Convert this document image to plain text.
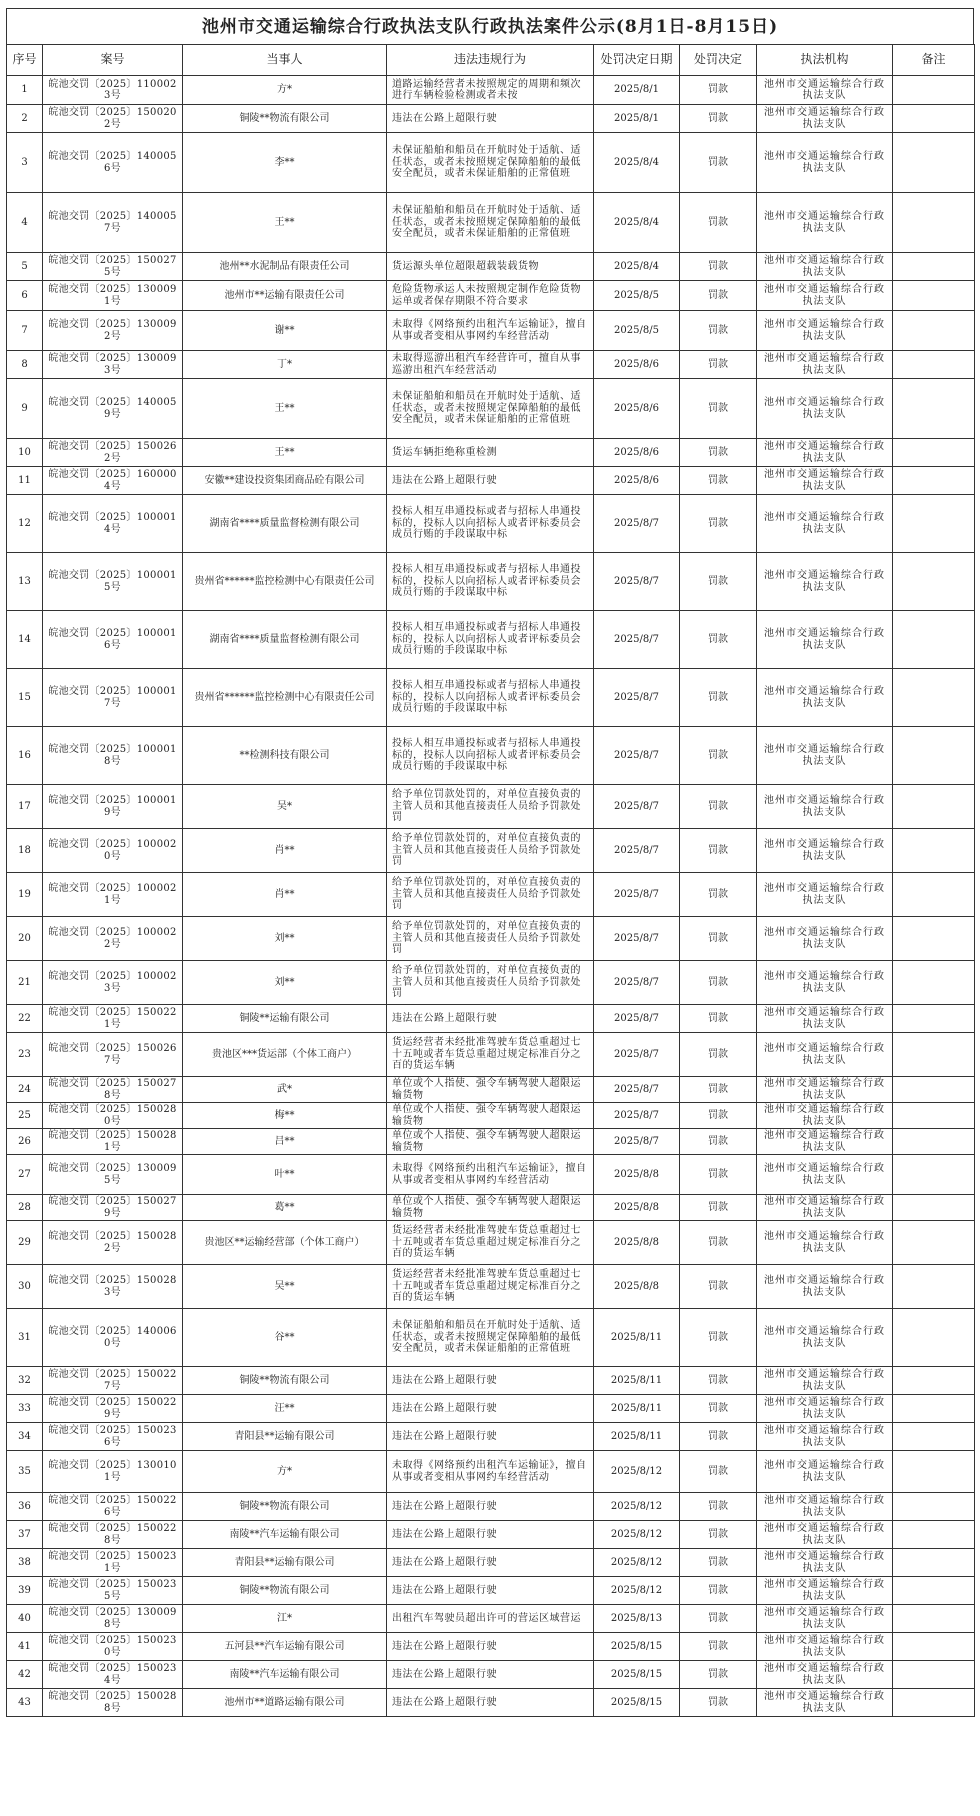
池州市交通运输综合行政执法支队行政执法案件公示(8月1日-8月15日)
序号	案号	当事人	违法违规行为	处罚决定日期	处罚决定	执法机构	备注
1	皖池交罚〔2025〕1100023号	方*	道路运输经营者未按照规定的周期和频次进行车辆检验检测或者未按	2025/8/1	罚款	池州市交通运输综合行政执法支队	
2	皖池交罚〔2025〕1500202号	铜陵**物流有限公司	违法在公路上超限行驶	2025/8/1	罚款	池州市交通运输综合行政执法支队	
3	皖池交罚〔2025〕1400056号	李**	未保证船舶和船员在开航时处于适航、适任状态，或者未按照规定保障船舶的最低安全配员，或者未保证船舶的正常值班	2025/8/4	罚款	池州市交通运输综合行政执法支队	
4	皖池交罚〔2025〕1400057号	王**	未保证船舶和船员在开航时处于适航、适任状态，或者未按照规定保障船舶的最低安全配员，或者未保证船舶的正常值班	2025/8/4	罚款	池州市交通运输综合行政执法支队	
5	皖池交罚〔2025〕1500275号	池州**水泥制品有限责任公司	货运源头单位超限超载装载货物	2025/8/4	罚款	池州市交通运输综合行政执法支队	
6	皖池交罚〔2025〕1300091号	池州市**运输有限责任公司	危险货物承运人未按照规定制作危险货物运单或者保存期限不符合要求	2025/8/5	罚款	池州市交通运输综合行政执法支队	
7	皖池交罚〔2025〕1300092号	谢**	未取得《网络预约出租汽车运输证》，擅自从事或者变相从事网约车经营活动	2025/8/5	罚款	池州市交通运输综合行政执法支队	
8	皖池交罚〔2025〕1300093号	丁*	未取得巡游出租汽车经营许可，擅自从事巡游出租汽车经营活动	2025/8/6	罚款	池州市交通运输综合行政执法支队	
9	皖池交罚〔2025〕1400059号	王**	未保证船舶和船员在开航时处于适航、适任状态，或者未按照规定保障船舶的最低安全配员，或者未保证船舶的正常值班	2025/8/6	罚款	池州市交通运输综合行政执法支队	
10	皖池交罚〔2025〕1500262号	王**	货运车辆拒绝称重检测	2025/8/6	罚款	池州市交通运输综合行政执法支队	
11	皖池交罚〔2025〕1600004号	安徽**建设投资集团商品砼有限公司	违法在公路上超限行驶	2025/8/6	罚款	池州市交通运输综合行政执法支队	
12	皖池交罚〔2025〕1000014号	湖南省****质量监督检测有限公司	投标人相互串通投标或者与招标人串通投标的，投标人以向招标人或者评标委员会成员行贿的手段谋取中标	2025/8/7	罚款	池州市交通运输综合行政执法支队	
13	皖池交罚〔2025〕1000015号	贵州省******监控检测中心有限责任公司	投标人相互串通投标或者与招标人串通投标的，投标人以向招标人或者评标委员会成员行贿的手段谋取中标	2025/8/7	罚款	池州市交通运输综合行政执法支队	
14	皖池交罚〔2025〕1000016号	湖南省****质量监督检测有限公司	投标人相互串通投标或者与招标人串通投标的，投标人以向招标人或者评标委员会成员行贿的手段谋取中标	2025/8/7	罚款	池州市交通运输综合行政执法支队	
15	皖池交罚〔2025〕1000017号	贵州省******监控检测中心有限责任公司	投标人相互串通投标或者与招标人串通投标的，投标人以向招标人或者评标委员会成员行贿的手段谋取中标	2025/8/7	罚款	池州市交通运输综合行政执法支队	
16	皖池交罚〔2025〕1000018号	**检测科技有限公司	投标人相互串通投标或者与招标人串通投标的，投标人以向招标人或者评标委员会成员行贿的手段谋取中标	2025/8/7	罚款	池州市交通运输综合行政执法支队	
17	皖池交罚〔2025〕1000019号	吴*	给予单位罚款处罚的，对单位直接负责的主管人员和其他直接责任人员给予罚款处罚	2025/8/7	罚款	池州市交通运输综合行政执法支队	
18	皖池交罚〔2025〕1000020号	肖**	给予单位罚款处罚的，对单位直接负责的主管人员和其他直接责任人员给予罚款处罚	2025/8/7	罚款	池州市交通运输综合行政执法支队	
19	皖池交罚〔2025〕1000021号	肖**	给予单位罚款处罚的，对单位直接负责的主管人员和其他直接责任人员给予罚款处罚	2025/8/7	罚款	池州市交通运输综合行政执法支队	
20	皖池交罚〔2025〕1000022号	刘**	给予单位罚款处罚的，对单位直接负责的主管人员和其他直接责任人员给予罚款处罚	2025/8/7	罚款	池州市交通运输综合行政执法支队	
21	皖池交罚〔2025〕1000023号	刘**	给予单位罚款处罚的，对单位直接负责的主管人员和其他直接责任人员给予罚款处罚	2025/8/7	罚款	池州市交通运输综合行政执法支队	
22	皖池交罚〔2025〕1500221号	铜陵**运输有限公司	违法在公路上超限行驶	2025/8/7	罚款	池州市交通运输综合行政执法支队	
23	皖池交罚〔2025〕1500267号	贵池区***货运部（个体工商户）	货运经营者未经批准驾驶车货总重超过七十五吨或者车货总重超过规定标准百分之百的货运车辆	2025/8/7	罚款	池州市交通运输综合行政执法支队	
24	皖池交罚〔2025〕1500278号	武*	单位或个人指使、强令车辆驾驶人超限运输货物	2025/8/7	罚款	池州市交通运输综合行政执法支队	
25	皖池交罚〔2025〕1500280号	梅**	单位或个人指使、强令车辆驾驶人超限运输货物	2025/8/7	罚款	池州市交通运输综合行政执法支队	
26	皖池交罚〔2025〕1500281号	吕**	单位或个人指使、强令车辆驾驶人超限运输货物	2025/8/7	罚款	池州市交通运输综合行政执法支队	
27	皖池交罚〔2025〕1300095号	叶**	未取得《网络预约出租汽车运输证》，擅自从事或者变相从事网约车经营活动	2025/8/8	罚款	池州市交通运输综合行政执法支队	
28	皖池交罚〔2025〕1500279号	葛**	单位或个人指使、强令车辆驾驶人超限运输货物	2025/8/8	罚款	池州市交通运输综合行政执法支队	
29	皖池交罚〔2025〕1500282号	贵池区**运输经营部（个体工商户）	货运经营者未经批准驾驶车货总重超过七十五吨或者车货总重超过规定标准百分之百的货运车辆	2025/8/8	罚款	池州市交通运输综合行政执法支队	
30	皖池交罚〔2025〕1500283号	吴**	货运经营者未经批准驾驶车货总重超过七十五吨或者车货总重超过规定标准百分之百的货运车辆	2025/8/8	罚款	池州市交通运输综合行政执法支队	
31	皖池交罚〔2025〕1400060号	谷**	未保证船舶和船员在开航时处于适航、适任状态，或者未按照规定保障船舶的最低安全配员，或者未保证船舶的正常值班	2025/8/11	罚款	池州市交通运输综合行政执法支队	
32	皖池交罚〔2025〕1500227号	铜陵**物流有限公司	违法在公路上超限行驶	2025/8/11	罚款	池州市交通运输综合行政执法支队	
33	皖池交罚〔2025〕1500229号	汪**	违法在公路上超限行驶	2025/8/11	罚款	池州市交通运输综合行政执法支队	
34	皖池交罚〔2025〕1500236号	青阳县**运输有限公司	违法在公路上超限行驶	2025/8/11	罚款	池州市交通运输综合行政执法支队	
35	皖池交罚〔2025〕1300101号	方*	未取得《网络预约出租汽车运输证》，擅自从事或者变相从事网约车经营活动	2025/8/12	罚款	池州市交通运输综合行政执法支队	
36	皖池交罚〔2025〕1500226号	铜陵**物流有限公司	违法在公路上超限行驶	2025/8/12	罚款	池州市交通运输综合行政执法支队	
37	皖池交罚〔2025〕1500228号	南陵**汽车运输有限公司	违法在公路上超限行驶	2025/8/12	罚款	池州市交通运输综合行政执法支队	
38	皖池交罚〔2025〕1500231号	青阳县**运输有限公司	违法在公路上超限行驶	2025/8/12	罚款	池州市交通运输综合行政执法支队	
39	皖池交罚〔2025〕1500235号	铜陵**物流有限公司	违法在公路上超限行驶	2025/8/12	罚款	池州市交通运输综合行政执法支队	
40	皖池交罚〔2025〕1300098号	江*	出租汽车驾驶员超出许可的营运区域营运	2025/8/13	罚款	池州市交通运输综合行政执法支队	
41	皖池交罚〔2025〕1500230号	五河县**汽车运输有限公司	违法在公路上超限行驶	2025/8/15	罚款	池州市交通运输综合行政执法支队	
42	皖池交罚〔2025〕1500234号	南陵**汽车运输有限公司	违法在公路上超限行驶	2025/8/15	罚款	池州市交通运输综合行政执法支队	
43	皖池交罚〔2025〕1500288号	池州市**道路运输有限公司	违法在公路上超限行驶	2025/8/15	罚款	池州市交通运输综合行政执法支队	
